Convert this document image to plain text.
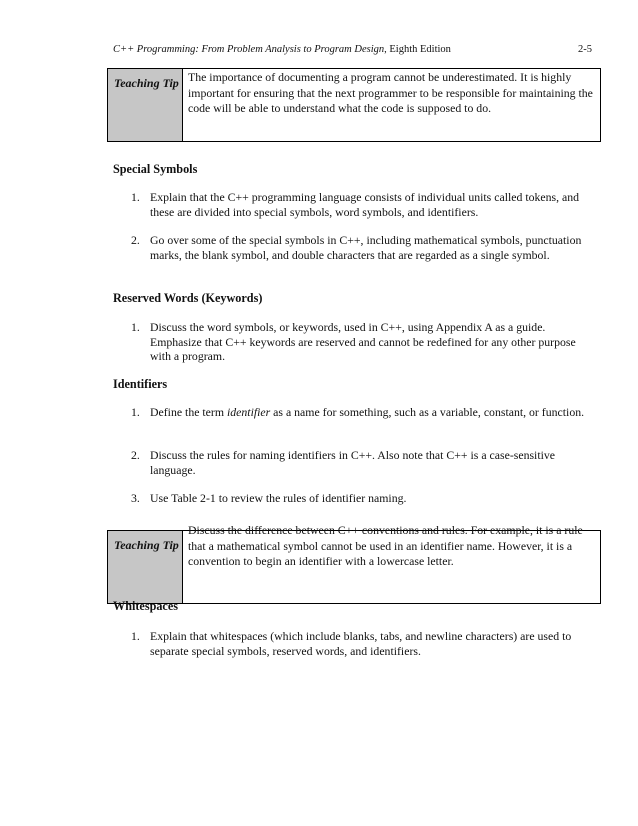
C++ Programming: From Problem Analysis to Program Design, Eighth Edition	2-5
Teaching Tip The importance of documenting a program cannot be underestimated. It is highly important for ensuring that the next programmer to be responsible for maintaining the code will be able to understand what the code is supposed to do.
Special Symbols
1. Explain that the C++ programming language consists of individual units called tokens, and these are divided into special symbols, word symbols, and identifiers.
2. Go over some of the special symbols in C++, including mathematical symbols, punctuation marks, the blank symbol, and double characters that are regarded as a single symbol.
Reserved Words (Keywords)
1. Discuss the word symbols, or keywords, used in C++, using Appendix A as a guide. Emphasize that C++ keywords are reserved and cannot be redefined for any other purpose with a program.
Identifiers
1. Define the term identifier as a name for something, such as a variable, constant, or function.
2. Discuss the rules for naming identifiers in C++. Also note that C++ is a case-sensitive language.
3. Use Table 2-1 to review the rules of identifier naming.
Teaching Tip
Discuss the difference between C++ conventions and rules. For example, it is a rule that a mathematical symbol cannot be used in an identifier name. However, it is a convention to begin an identifier with a lowercase letter.
Whitespaces
1. Explain that whitespaces (which include blanks, tabs, and newline characters) are used to separate special symbols, reserved words, and identifiers.
